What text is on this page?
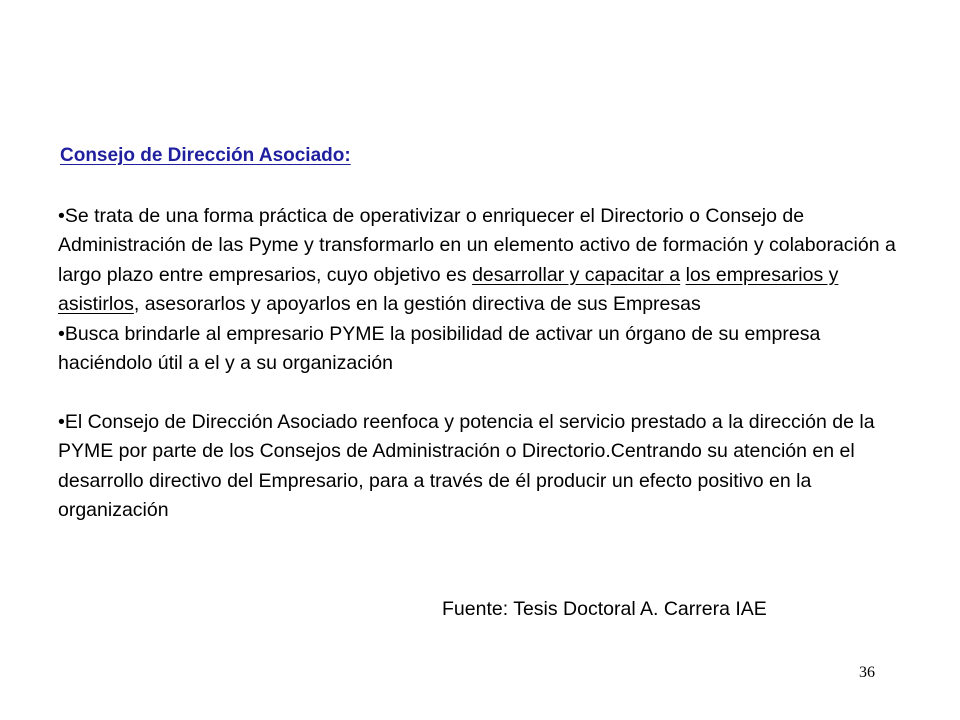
Consejo de Dirección Asociado:

•Se trata de una forma práctica de operativizar o enriquecer el Directorio o Consejo de Administración de las Pyme y transformarlo en un elemento activo de formación y colaboración a largo plazo entre empresarios, cuyo objetivo es desarrollar y capacitar a los empresarios y asistirlos, asesorarlos y apoyarlos en la gestión directiva de sus Empresas

•Busca brindarle al empresario PYME la posibilidad de activar un órgano de su empresa haciéndolo útil a el y a su organización

•El Consejo de Dirección Asociado reenfoca y potencia el servicio prestado a la dirección de la PYME por parte de los Consejos de Administración o Directorio.Centrando su atención en el desarrollo directivo del Empresario, para a través de él producir un efecto positivo en la organización

Fuente: Tesis Doctoral A. Carrera IAE
36
